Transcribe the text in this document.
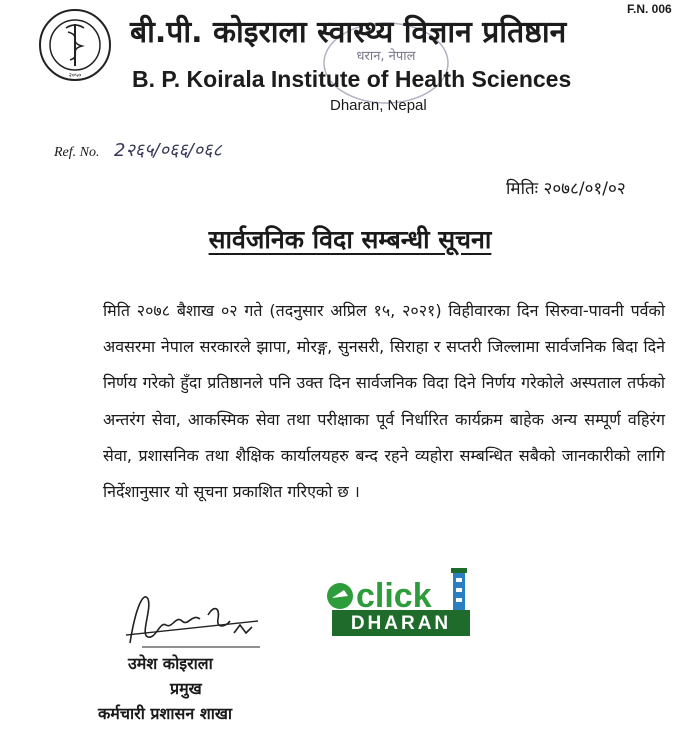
F.N. 006
२०५०
धरान, नेपाल
बी.पी. कोइराला स्वास्थ्य विज्ञान प्रतिष्ठान
B. P. Koirala Institute of Health Sciences
Dharan, Nepal
Ref. No. 2२६५/०६६/०६८
मितिः २०७८/०१/०२
सार्वजनिक विदा सम्बन्धी सूचना
मिति २०७८ बैशाख ०२ गते (तदनुसार अप्रिल १५, २०२१) विहीवारका दिन सिरुवा-पावनी पर्वको अवसरमा नेपाल सरकारले झापा, मोरङ्ग, सुनसरी, सिराहा र सप्तरी जिल्लामा सार्वजनिक बिदा दिने निर्णय गरेको हुँदा प्रतिष्ठानले पनि उक्त दिन सार्वजनिक विदा दिने निर्णय गरेकोले अस्पताल तर्फको अन्तरंग सेवा, आकस्मिक सेवा तथा परीक्षाका पूर्व निर्धारित कार्यक्रम बाहेक अन्य सम्पूर्ण वहिरंग सेवा, प्रशासनिक तथा शैक्षिक कार्यालयहरु बन्द रहने व्यहोरा सम्बन्धित सबैको जानकारीको लागि निर्देशानुसार यो सूचना प्रकाशित गरिएको छ ।
DHARAN
click
उमेश कोइराला
प्रमुख
कर्मचारी प्रशासन शाखा
